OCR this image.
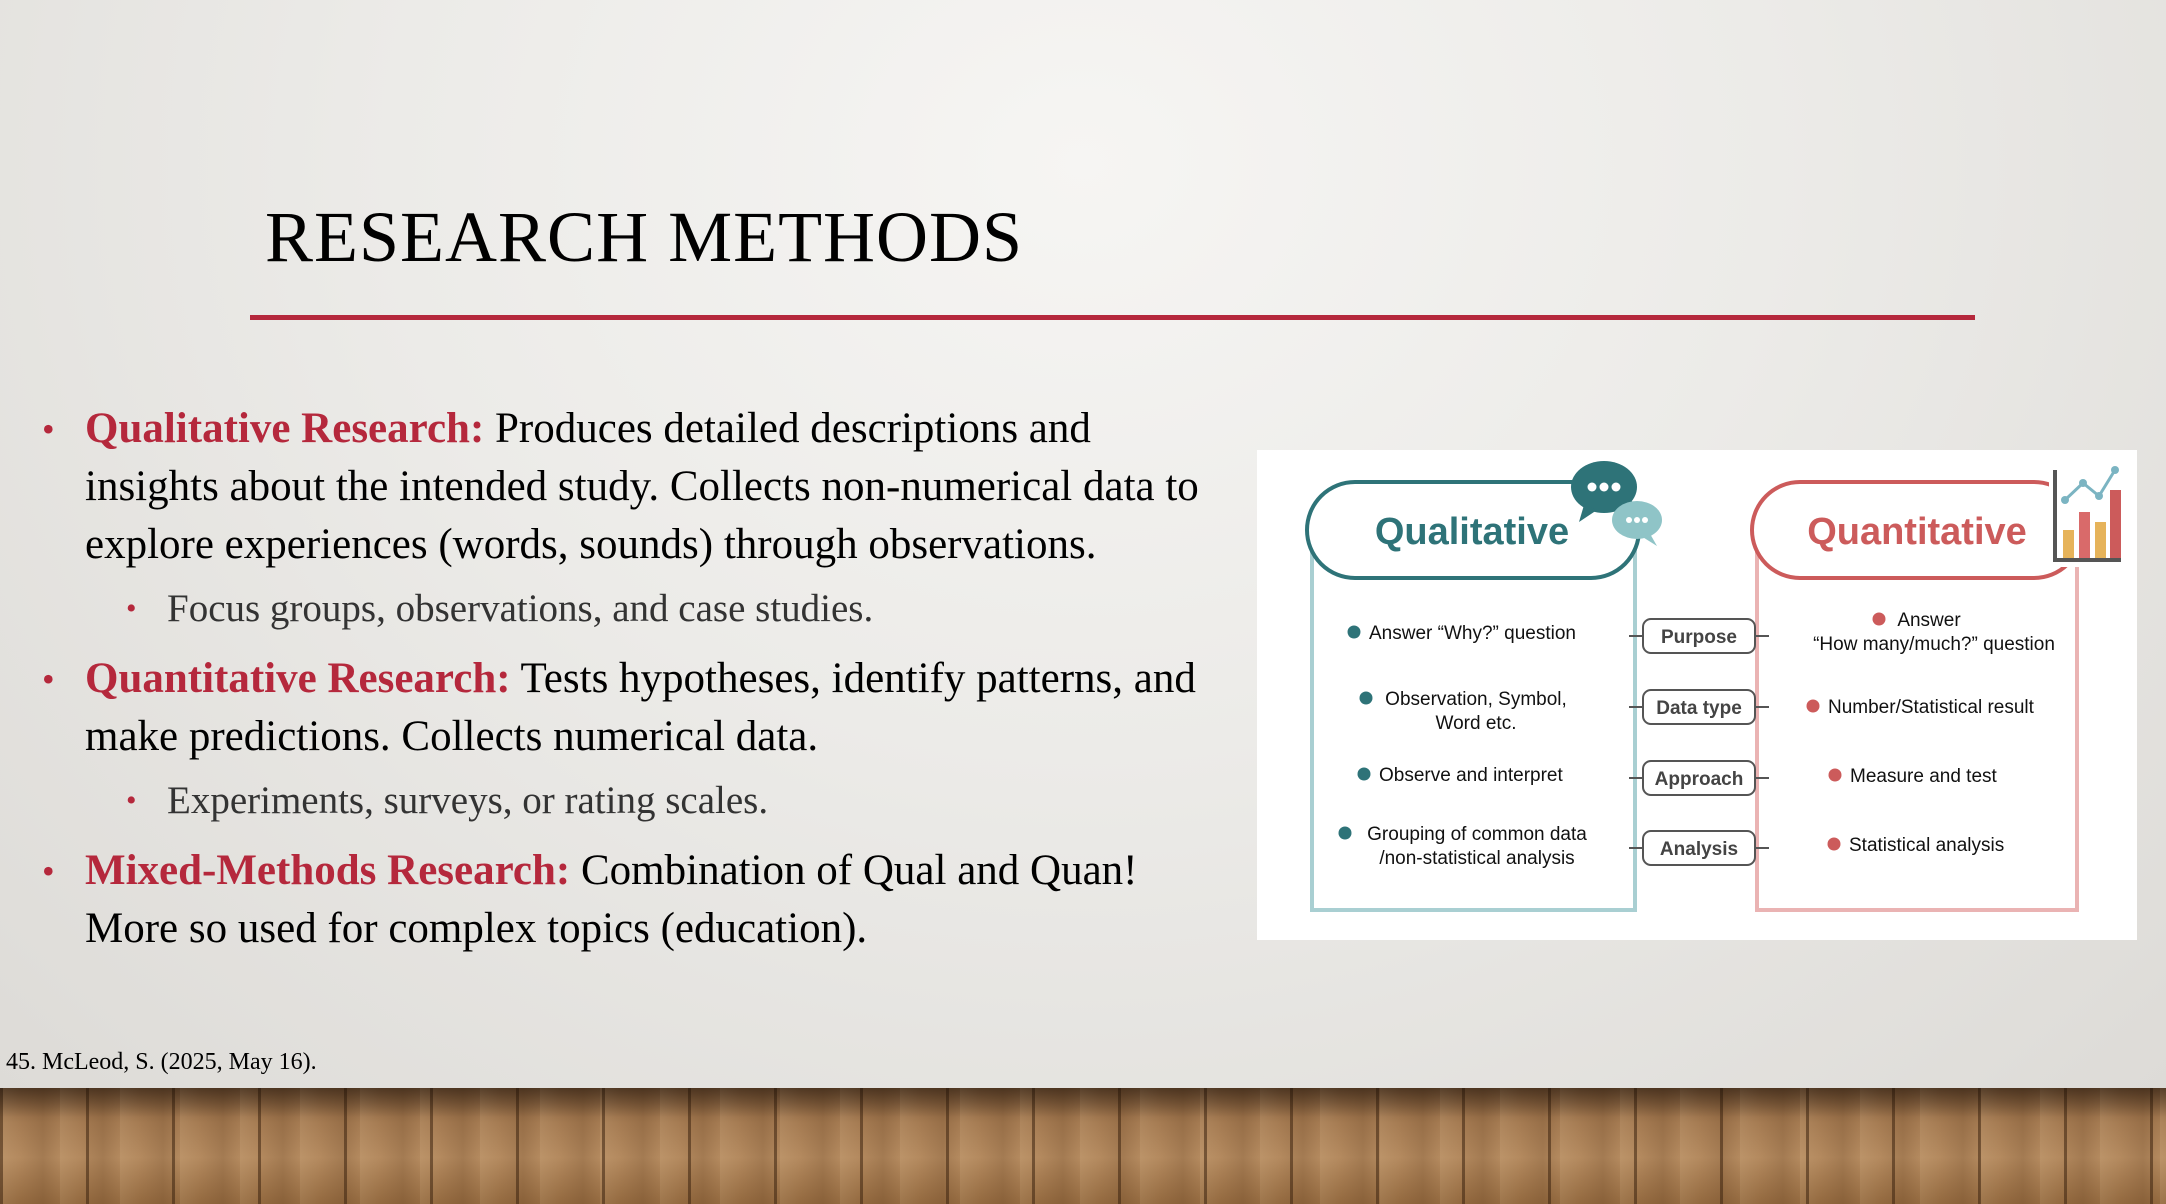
RESEARCH METHODS
• Qualitative Research: Produces detailed descriptions and insights about the intended study. Collects non-numerical data to explore experiences (words, sounds) through observations.
• Focus groups, observations, and case studies.
• Quantitative Research: Tests hypotheses, identify patterns, and make predictions. Collects numerical data.
• Experiments, surveys, or rating scales.
• Mixed-Methods Research: Combination of Qual and Quan! More so used for complex topics (education).
Qualitative	Quantitative
Purpose
Answer “Why?” question
Answer
“How many/much?” question
Data type
Observation, Symbol,
Word etc.
Number/Statistical result
Approach
Observe and interpret	Measure and test
Analysis
Grouping of common data
/non-statistical analysis
Statistical analysis
45. McLeod, S. (2025, May 16).
